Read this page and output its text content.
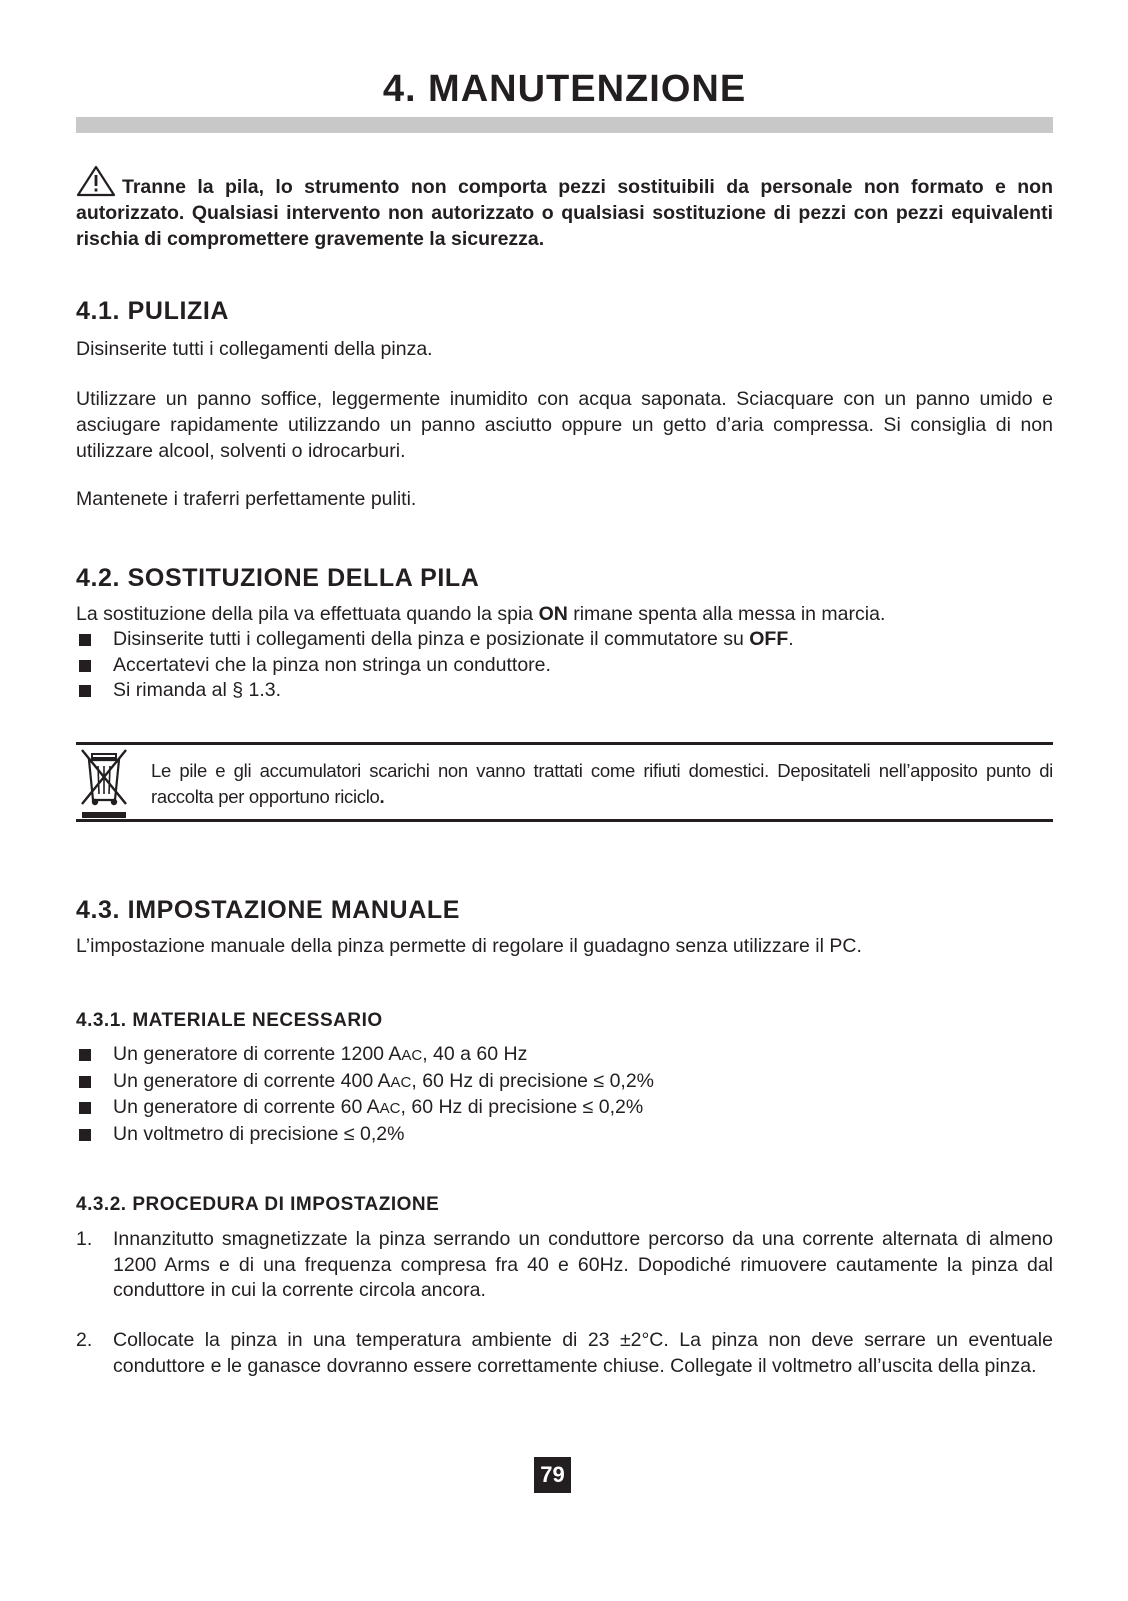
4. MANUTENZIONE
Tranne la pila, lo strumento non comporta pezzi sostituibili da personale non formato e non autorizzato. Qualsiasi intervento non autorizzato o qualsiasi sostituzione di pezzi con pezzi equivalenti rischia di compromettere gravemente la sicurezza.
4.1. PULIZIA
Disinserite tutti i collegamenti della pinza.
Utilizzare un panno soffice, leggermente inumidito con acqua saponata. Sciacquare con un panno umido e asciugare rapidamente utilizzando un panno asciutto oppure un getto d’aria compressa. Si consiglia di non utilizzare alcool, solventi o idrocarburi.
Mantenete i traferri perfettamente puliti.
4.2. SOSTITUZIONE DELLA PILA
La sostituzione della pila va effettuata quando la spia ON rimane spenta alla messa in marcia.
Disinserite tutti i collegamenti della pinza e posizionate il commutatore su OFF.
Accertatevi che la pinza non stringa un conduttore.
Si rimanda al § 1.3.
Le pile e gli accumulatori scarichi non vanno trattati come rifiuti domestici. Depositateli nell’apposito punto di raccolta per opportuno riciclo.
4.3. IMPOSTAZIONE MANUALE
L’impostazione manuale della pinza permette di regolare il guadagno senza utilizzare il PC.
4.3.1. MATERIALE NECESSARIO
Un generatore di corrente 1200 AAC, 40 a 60 Hz
Un generatore di corrente 400 AAC, 60 Hz di precisione ≤ 0,2%
Un generatore di corrente 60 AAC, 60 Hz di precisione ≤ 0,2%
Un voltmetro di precisione ≤ 0,2%
4.3.2. PROCEDURA DI IMPOSTAZIONE
1. Innanzitutto smagnetizzate la pinza serrando un conduttore percorso da una corrente alternata di almeno 1200 Arms e di una frequenza compresa fra 40 e 60Hz. Dopodiché rimuovere cautamente la pinza dal conduttore in cui la corrente circola ancora.
2. Collocate la pinza in una temperatura ambiente di 23 ±2°C. La pinza non deve serrare un eventuale conduttore e le ganasce dovranno essere correttamente chiuse. Collegate il voltmetro all’uscita della pinza.
79
